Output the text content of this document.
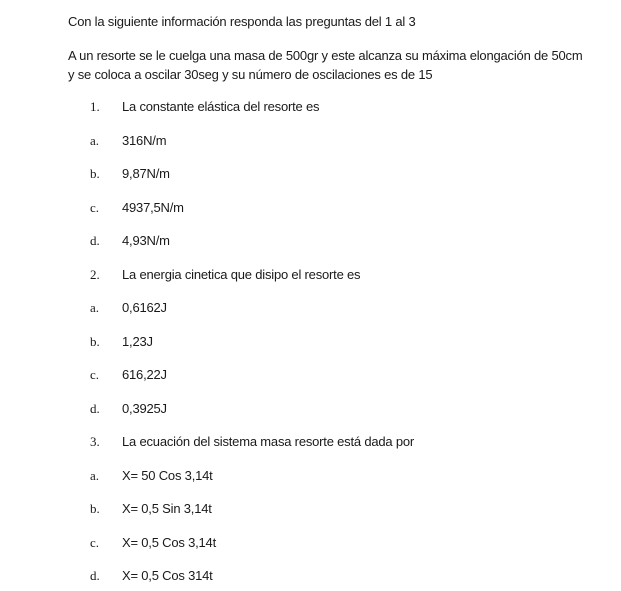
Con la siguiente información responda las preguntas del 1 al 3
A un resorte se le cuelga una masa de 500gr y este alcanza su máxima elongación de 50cm
y se coloca a oscilar 30seg y su número de oscilaciones es de 15
1.	La constante elástica del resorte es
a.	316N/m
b.	9,87N/m
c.	4937,5N/m
d.	4,93N/m
2.	La energia cinetica que disipo el resorte es
a.	0,6162J
b.	1,23J
c.	616,22J
d.	0,3925J
3.	La ecuación del sistema masa resorte está dada por
a.	X= 50 Cos 3,14t
b.	X= 0,5 Sin 3,14t
c.	X= 0,5 Cos 3,14t
d.	X= 0,5 Cos 314t
